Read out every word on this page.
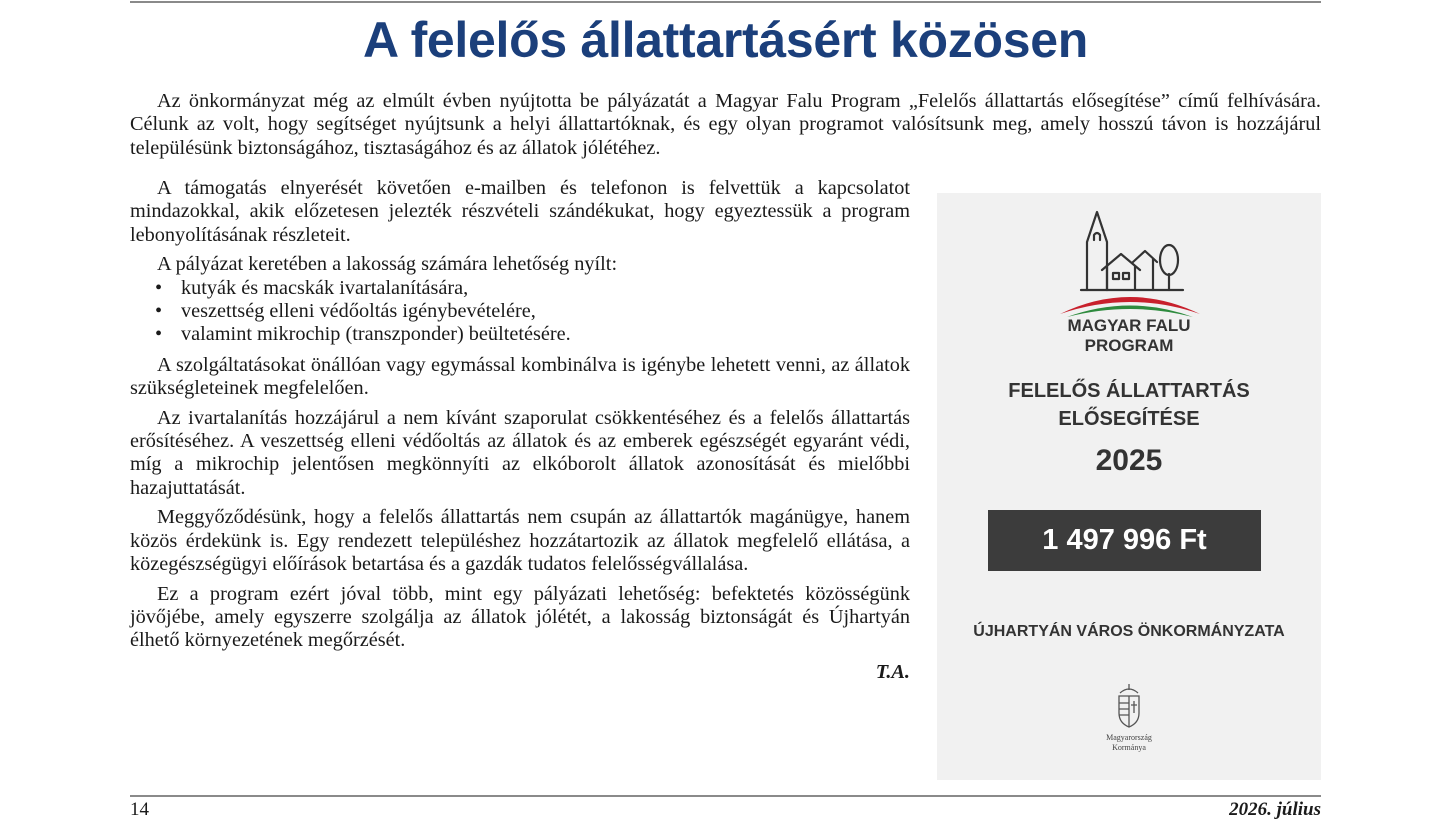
A felelős állattartásért közösen

Az önkormányzat még az elmúlt évben nyújtotta be pályázatát a Magyar Falu Program „Felelős állattartás elősegítése” című felhívására. Célunk az volt, hogy segítséget nyújtsunk a helyi állattartóknak, és egy olyan programot valósítsunk meg, amely hosszú távon is hozzájárul településünk biztonságához, tisztaságához és az állatok jólétéhez.

A támogatás elnyerését követően e-mailben és telefonon is felvettük a kapcsolatot mindazokkal, akik előzetesen jelezték részvételi szándékukat, hogy egyeztessük a program lebonyolításának részleteit.

A pályázat keretében a lakosság számára lehetőség nyílt:

• kutyák és macskák ivartalanítására,
• veszettség elleni védőoltás igénybevételére,
• valamint mikrochip (transzponder) beültetésére.

A szolgáltatásokat önállóan vagy egymással kombinálva is igénybe lehetett venni, az állatok szükségleteinek megfelelően.

Az ivartalanítás hozzájárul a nem kívánt szaporulat csökkentéséhez és a felelős állattartás erősítéséhez. A veszettség elleni védőoltás az állatok és az emberek egészségét egyaránt védi, míg a mikrochip jelentősen megkönnyíti az elkóborolt állatok azonosítását és mielőbbi hazajuttatását.

Meggyőződésünk, hogy a felelős állattartás nem csupán az állattartók magánügye, hanem közös érdekünk is. Egy rendezett településhez hozzátartozik az állatok megfelelő ellátása, a közegészségügyi előírások betartása és a gazdák tudatos felelősségvállalása.

Ez a program ezért jóval több, mint egy pályázati lehetőség: befektetés közösségünk jövőjébe, amely egyszerre szolgálja az állatok jólétét, a lakosság biztonságát és Újhartyán élhető környezetének megőrzését.

T.A.
MAGYAR FALU
PROGRAM
FELELŐS ÁLLATTARTÁS
ELŐSEGÍTÉSE
2025
1 497 996 Ft
ÚJHARTYÁN VÁROS ÖNKORMÁNYZATA
Magyarország
Kormánya
14	2026. július
